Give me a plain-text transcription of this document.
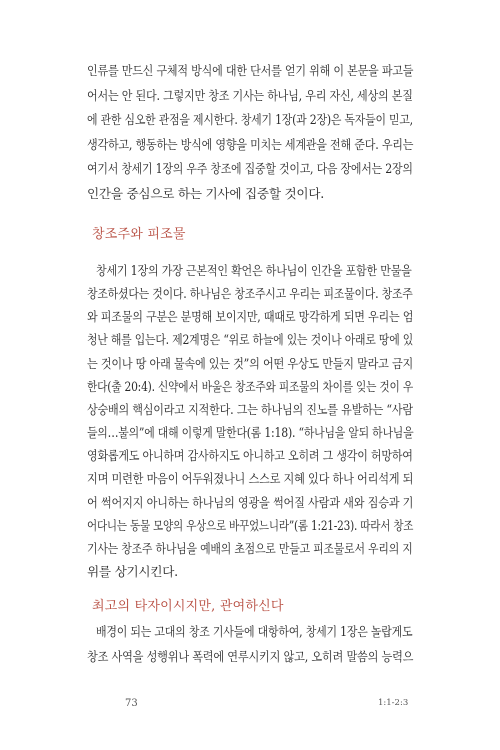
인류를 만드신 구체적 방식에 대한 단서를 얻기 위해 이 본문을 파고들
어서는 안 된다. 그렇지만 창조 기사는 하나님, 우리 자신, 세상의 본질
에 관한 심오한 관점을 제시한다. 창세기 1장(과 2장)은 독자들이 믿고,
생각하고, 행동하는 방식에 영향을 미치는 세계관을 전해 준다. 우리는
여기서 창세기 1장의 우주 창조에 집중할 것이고, 다음 장에서는 2장의
인간을 중심으로 하는 기사에 집중할 것이다.
창조주와 피조물
창세기 1장의 가장 근본적인 확언은 하나님이 인간을 포함한 만물을
창조하셨다는 것이다. 하나님은 창조주시고 우리는 피조물이다. 창조주
와 피조물의 구분은 분명해 보이지만, 때때로 망각하게 되면 우리는 엄
청난 해를 입는다. 제2계명은 “위로 하늘에 있는 것이나 아래로 땅에 있
는 것이나 땅 아래 물속에 있는 것”의 어떤 우상도 만들지 말라고 금지
한다(출 20:4). 신약에서 바울은 창조주와 피조물의 차이를 잊는 것이 우
상숭배의 핵심이라고 지적한다. 그는 하나님의 진노를 유발하는 “사람
들의…불의”에 대해 이렇게 말한다(롬 1:18). “하나님을 알되 하나님을
영화롭게도 아니하며 감사하지도 아니하고 오히려 그 생각이 허망하여
지며 미련한 마음이 어두워졌나니 스스로 지혜 있다 하나 어리석게 되
어 썩어지지 아니하는 하나님의 영광을 썩어질 사람과 새와 짐승과 기
어다니는 동물 모양의 우상으로 바꾸었느니라”(롬 1:21-23). 따라서 창조
기사는 창조주 하나님을 예배의 초점으로 만들고 피조물로서 우리의 지
위를 상기시킨다.
최고의 타자이시지만, 관여하신다
배경이 되는 고대의 창조 기사들에 대항하여, 창세기 1장은 놀랍게도
창조 사역을 성행위나 폭력에 연루시키지 않고, 오히려 말씀의 능력으
73	1:1-2:3
